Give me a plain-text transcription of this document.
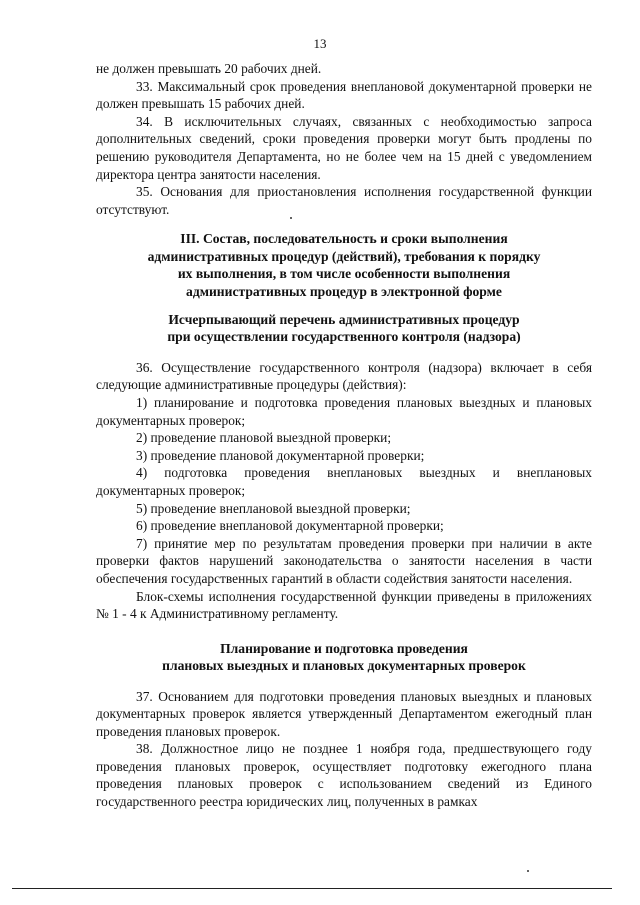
13

не должен превышать 20 рабочих дней.

33. Максимальный срок проведения внеплановой документарной проверки не должен превышать 15 рабочих дней.

34. В исключительных случаях, связанных с необходимостью запроса дополнительных сведений, сроки проведения проверки могут быть продлены по решению руководителя Департамента, но не более чем на 15 дней с уведомлением директора центра занятости населения.

35. Основания для приостановления исполнения государственной функции отсутствуют.

III. Состав, последовательность и сроки выполнения
административных процедур (действий), требования к порядку
их выполнения, в том числе особенности выполнения
административных процедур в электронной форме
Исчерпывающий перечень административных процедур
при осуществлении государственного контроля (надзора)

36. Осуществление государственного контроля (надзора) включает в себя следующие административные процедуры (действия):

1) планирование и подготовка проведения плановых выездных и плановых документарных проверок;

2) проведение плановой выездной проверки;

3) проведение плановой документарной проверки;

4) подготовка проведения внеплановых выездных и внеплановых документарных проверок;

5) проведение внеплановой выездной проверки;

6) проведение внеплановой документарной проверки;

7) принятие мер по результатам проведения проверки при наличии в акте проверки фактов нарушений законодательства о занятости населения в части обеспечения государственных гарантий в области содействия занятости населения.

Блок-схемы исполнения государственной функции приведены в приложениях № 1 - 4 к Административному регламенту.

Планирование и подготовка проведения
плановых выездных и плановых документарных проверок

37. Основанием для подготовки проведения плановых выездных и плановых документарных проверок является утвержденный Департаментом ежегодный план проведения плановых проверок.

38. Должностное лицо не позднее 1 ноября года, предшествующего году проведения плановых проверок, осуществляет подготовку ежегодного плана проведения плановых проверок с использованием сведений из Единого государственного реестра юридических лиц, полученных в рамках
